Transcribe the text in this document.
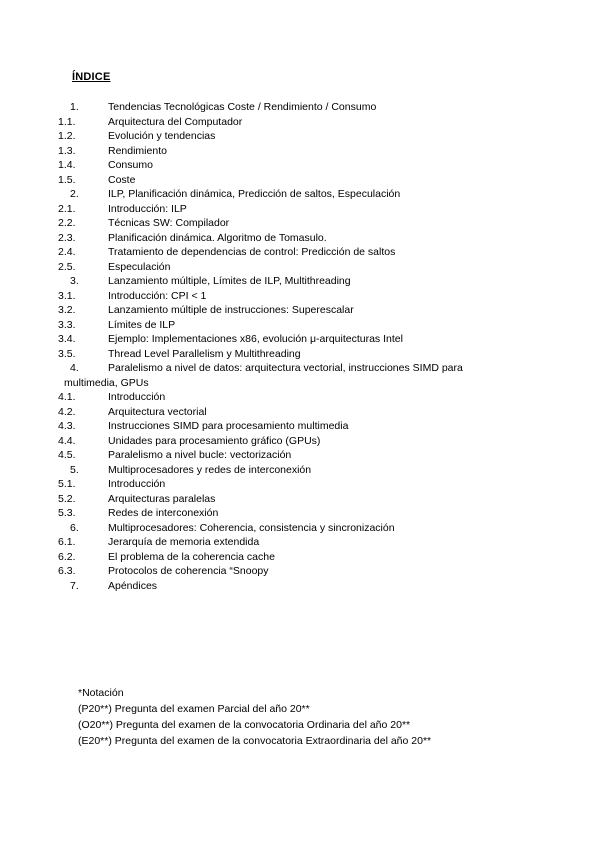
ÍNDICE
1.	Tendencias Tecnológicas Coste / Rendimiento / Consumo
1.1.	Arquitectura del Computador
1.2.	Evolución y tendencias
1.3.	Rendimiento
1.4.	Consumo
1.5.	Coste
2.	ILP, Planificación dinámica, Predicción de saltos, Especulación
2.1.	Introducción: ILP
2.2.	Técnicas SW: Compilador
2.3.	Planificación dinámica. Algoritmo de Tomasulo.
2.4.	Tratamiento de dependencias de control: Predicción de saltos
2.5.	Especulación
3.	Lanzamiento múltiple, Límites de ILP, Multithreading
3.1.	Introducción: CPI < 1
3.2.	Lanzamiento múltiple de instrucciones: Superescalar
3.3.	Límites de ILP
3.4.	Ejemplo: Implementaciones x86, evolución μ-arquitecturas Intel
3.5.	Thread Level Parallelism y Multithreading
4.	Paralelismo a nivel de datos: arquitectura vectorial, instrucciones SIMD para
multimedia, GPUs
4.1.	Introducción
4.2.	Arquitectura vectorial
4.3.	Instrucciones SIMD para procesamiento multimedia
4.4.	Unidades para procesamiento gráfico (GPUs)
4.5.	Paralelismo a nivel bucle: vectorización
5.	Multiprocesadores y redes de interconexión
5.1.	Introducción
5.2.	Arquitecturas paralelas
5.3.	Redes de interconexión
6.	Multiprocesadores: Coherencia, consistencia y sincronización
6.1.	Jerarquía de memoria extendida
6.2.	El problema de la coherencia cache
6.3.	Protocolos de coherencia “Snoopy
7.	Apéndices
*Notación
(P20**) Pregunta del examen Parcial del año 20**
(O20**) Pregunta del examen de la convocatoria Ordinaria del año 20**
(E20**) Pregunta del examen de la convocatoria Extraordinaria del año 20**
